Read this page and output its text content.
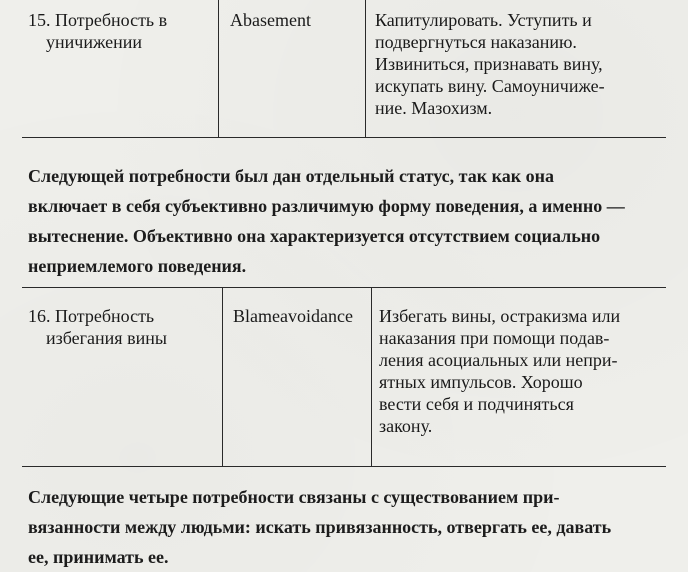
15. Потребность в
уничижении
Abasement	Капитулировать. Уступить и
подвергнуться наказанию.
Извиниться, признавать вину,
искупать вину. Самоуничиже-
ние. Мазохизм.
Следующей потребности был дан отдельный статус, так как она
включает в себя субъективно различимую форму поведения, а именно —
вытеснение. Объективно она характеризуется отсутствием социально
неприемлемого поведения.
16. Потребность
избегания вины
Blameavoidance	Избегать вины, остракизма или
наказания при помощи подав-
ления асоциальных или непри-
ятных импульсов. Хорошо
вести себя и подчиняться
закону.
Следующие четыре потребности связаны с существованием при-
вязанности между людьми: искать привязанность, отвергать ее, давать
ее, принимать ее.
